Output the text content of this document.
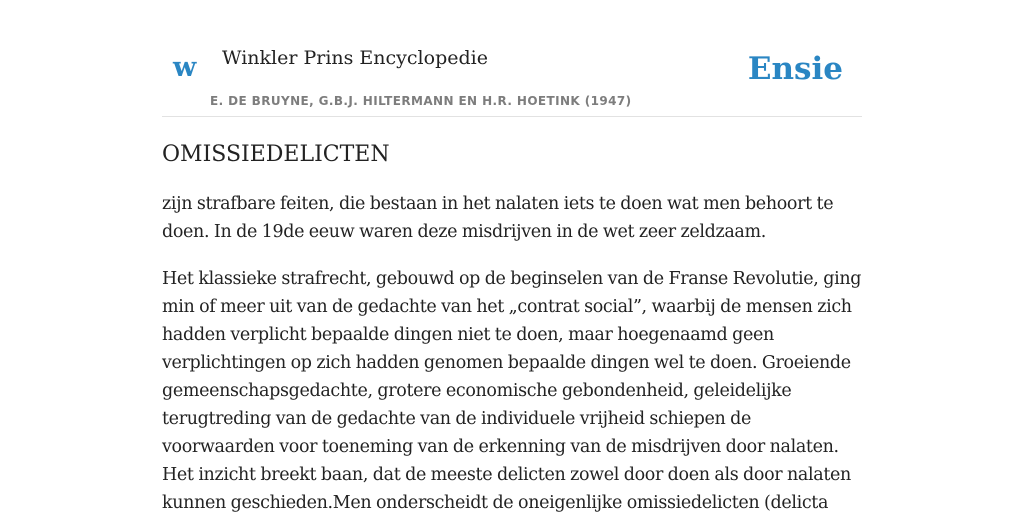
w Winkler Prins Encyclopedie
E. DE BRUYNE, G.B.J. HILTERMANN EN H.R. HOETINK (1947)
Ensie
OMISSIEDELICTEN

zijn strafbare feiten, die bestaan in het nalaten iets te doen wat men behoort te doen. In de 19de eeuw waren deze misdrijven in de wet zeer zeldzaam.

Het klassieke strafrecht, gebouwd op de beginselen van de Franse Revolutie, ging min of meer uit van de gedachte van het „contrat social”, waarbij de mensen zich hadden verplicht bepaalde dingen niet te doen, maar hoegenaamd geen verplichtingen op zich hadden genomen bepaalde dingen wel te doen. Groeiende gemeenschapsgedachte, grotere economische gebondenheid, geleidelijke terugtreding van de gedachte van de individuele vrijheid schiepen de voorwaarden voor toeneming van de erkenning van de misdrijven door nalaten. Het inzicht breekt baan, dat de meeste delicten zowel door doen als door nalaten kunnen geschieden.Men onderscheidt de oneigenlijke omissiedelicten (delicta
